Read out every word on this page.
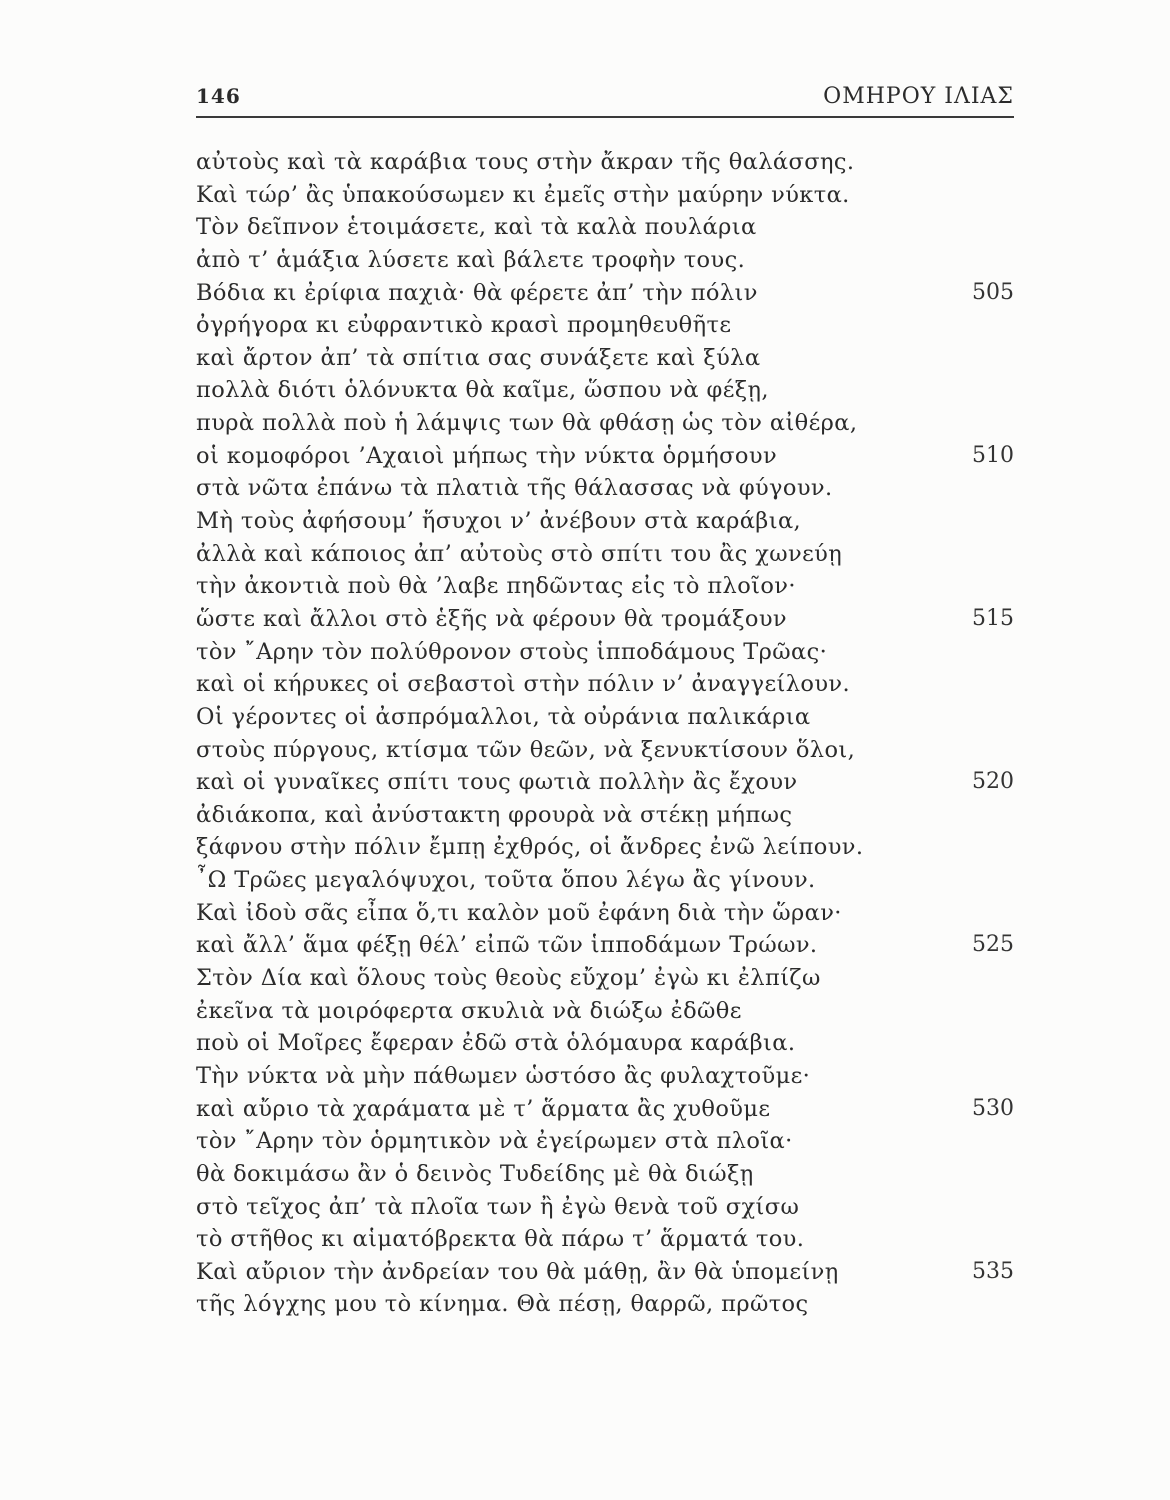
146	ΟΜΗΡΟΥ ΙΛΙΑΣ
αὐτοὺς καὶ τὰ καράβια τους στὴν ἄκραν τῆς θαλάσσης.
Καὶ τώρ’ ἂς ὑπακούσωμεν κι ἐμεῖς στὴν μαύρην νύκτα.
Τὸν δεῖπνον ἑτοιμάσετε, καὶ τὰ καλὰ πουλάρια
ἀπὸ τ’ ἁμάξια λύσετε καὶ βάλετε τροφὴν τους.
Βόδια κι ἐρίφια παχιὰ· θὰ φέρετε ἀπ’ τὴν πόλιν	505
ὀγρήγορα κι εὐφραντικὸ κρασὶ προμηθευθῆτε
καὶ ἄρτον ἀπ’ τὰ σπίτια σας συνάξετε καὶ ξύλα
πολλὰ διότι ὁλόνυκτα θὰ καῖμε, ὥσπου νὰ φέξῃ,
πυρὰ πολλὰ ποὺ ἡ λάμψις των θὰ φθάσῃ ὡς τὸν αἰθέρα,
οἱ κομοφόροι ’Αχαιοὶ μήπως τὴν νύκτα ὁρμήσουν	510
στὰ νῶτα ἐπάνω τὰ πλατιὰ τῆς θάλασσας νὰ φύγουν.
Μὴ τοὺς ἀφήσουμ’ ἥσυχοι ν’ ἀνέβουν στὰ καράβια,
ἀλλὰ καὶ κάποιος ἀπ’ αὐτοὺς στὸ σπίτι του ἂς χωνεύῃ
τὴν ἀκοντιὰ ποὺ θὰ ’λαβε πηδῶντας εἰς τὸ πλοῖον·
ὥστε καὶ ἄλλοι στὸ ἑξῆς νὰ φέρουν θὰ τρομάξουν	515
τὸν ῎Αρην τὸν πολύθρονον στοὺς ἱπποδάμους Τρῶας·
καὶ οἱ κήρυκες οἱ σεβαστοὶ στὴν πόλιν ν’ ἀναγγείλουν.
Οἱ γέροντες οἱ ἀσπρόμαλλοι, τὰ οὐράνια παλικάρια
στοὺς πύργους, κτίσμα τῶν θεῶν, νὰ ξενυκτίσουν ὅλοι,
καὶ οἱ γυναῖκες σπίτι τους φωτιὰ πολλὴν ἂς ἔχουν	520
ἀδιάκοπα, καὶ ἀνύστακτη φρουρὰ νὰ στέκῃ μήπως
ξάφνου στὴν πόλιν ἔμπῃ ἐχθρός, οἱ ἄνδρες ἐνῶ λείπουν.
῏Ω Τρῶες μεγαλόψυχοι, τοῦτα ὅπου λέγω ἂς γίνουν.
Καὶ ἰδοὺ σᾶς εἶπα ὅ,τι καλὸν μοῦ ἐφάνη διὰ τὴν ὥραν·
καὶ ἄλλ’ ἅμα φέξῃ θέλ’ εἰπῶ τῶν ἱπποδάμων Τρώων.	525
Στὸν Δία καὶ ὅλους τοὺς θεοὺς εὔχομ’ ἐγὼ κι ἐλπίζω
ἐκεῖνα τὰ μοιρόφερτα σκυλιὰ νὰ διώξω ἐδῶθε
ποὺ οἱ Μοῖρες ἔφεραν ἐδῶ στὰ ὁλόμαυρα καράβια.
Τὴν νύκτα νὰ μὴν πάθωμεν ὡστόσο ἂς φυλαχτοῦμε·
καὶ αὔριο τὰ χαράματα μὲ τ’ ἅρματα ἂς χυθοῦμε	530
τὸν ῎Αρην τὸν ὁρμητικὸν νὰ ἐγείρωμεν στὰ πλοῖα·
θὰ δοκιμάσω ἂν ὁ δεινὸς Τυδείδης μὲ θὰ διώξῃ
στὸ τεῖχος ἀπ’ τὰ πλοῖα των ἢ ἐγὼ θενὰ τοῦ σχίσω
τὸ στῆθος κι αἱματόβρεκτα θὰ πάρω τ’ ἅρματά του.
Καὶ αὔριον τὴν ἀνδρείαν του θὰ μάθῃ, ἂν θὰ ὑπομείνῃ	535
τῆς λόγχης μου τὸ κίνημα. Θὰ πέσῃ, θαρρῶ, πρῶτος
